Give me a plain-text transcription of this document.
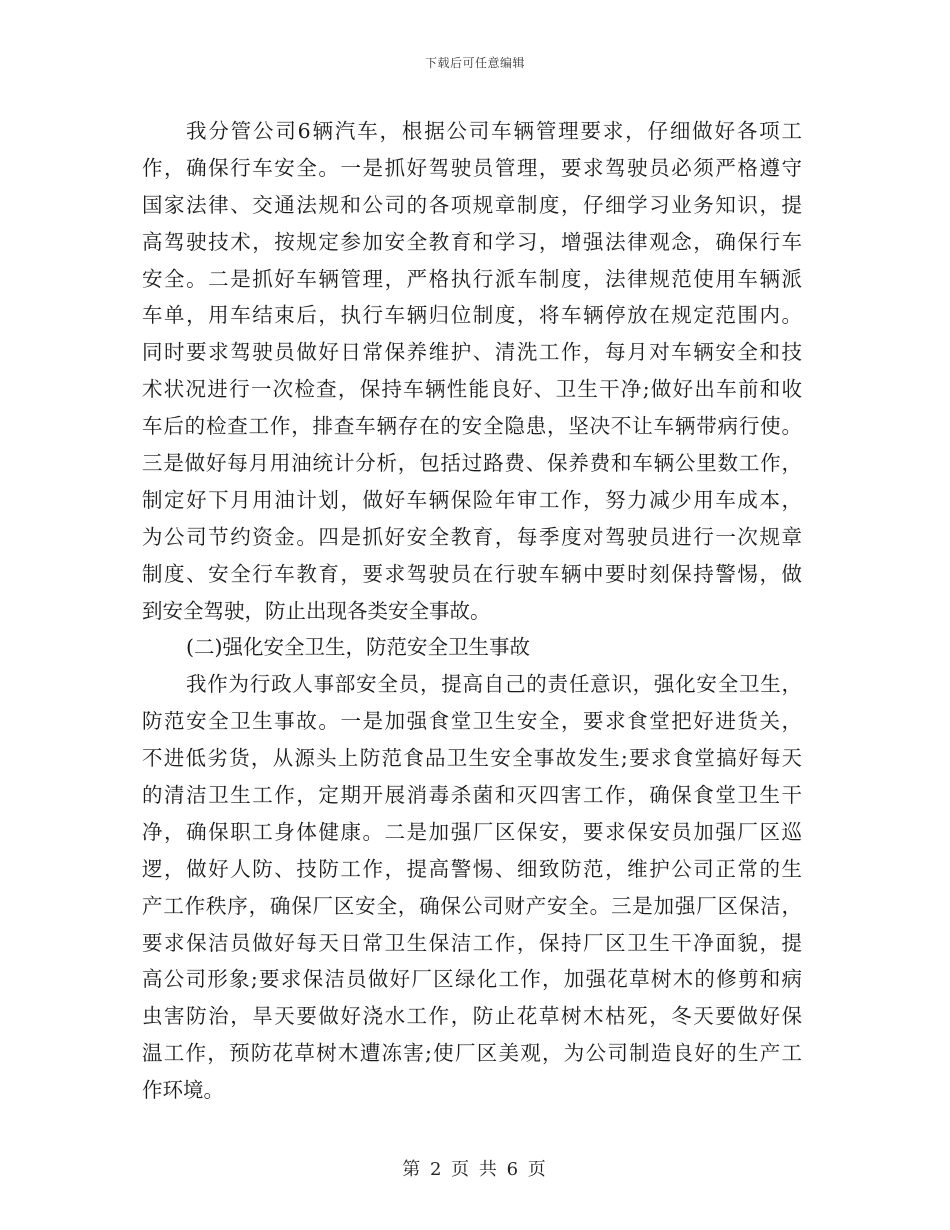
下载后可任意编辑
我分管公司6辆汽车，根据公司车辆管理要求，仔细做好各项工
作，确保行车安全。一是抓好驾驶员管理，要求驾驶员必须严格遵守
国家法律、交通法规和公司的各项规章制度，仔细学习业务知识，提
高驾驶技术，按规定参加安全教育和学习，增强法律观念，确保行车
安全。二是抓好车辆管理，严格执行派车制度，法律规范使用车辆派
车单，用车结束后，执行车辆归位制度，将车辆停放在规定范围内。
同时要求驾驶员做好日常保养维护、清洗工作，每月对车辆安全和技
术状况进行一次检查，保持车辆性能良好、卫生干净;做好出车前和收
车后的检查工作，排查车辆存在的安全隐患，坚决不让车辆带病行使。
三是做好每月用油统计分析，包括过路费、保养费和车辆公里数工作，
制定好下月用油计划，做好车辆保险年审工作，努力减少用车成本，
为公司节约资金。四是抓好安全教育，每季度对驾驶员进行一次规章
制度、安全行车教育，要求驾驶员在行驶车辆中要时刻保持警惕，做
到安全驾驶，防止出现各类安全事故。
(二)强化安全卫生，防范安全卫生事故
我作为行政人事部安全员，提高自己的责任意识，强化安全卫生，
防范安全卫生事故。一是加强食堂卫生安全，要求食堂把好进货关，
不进低劣货，从源头上防范食品卫生安全事故发生;要求食堂搞好每天
的清洁卫生工作，定期开展消毒杀菌和灭四害工作，确保食堂卫生干
净，确保职工身体健康。二是加强厂区保安，要求保安员加强厂区巡
逻，做好人防、技防工作，提高警惕、细致防范，维护公司正常的生
产工作秩序，确保厂区安全，确保公司财产安全。三是加强厂区保洁，
要求保洁员做好每天日常卫生保洁工作，保持厂区卫生干净面貌，提
高公司形象;要求保洁员做好厂区绿化工作，加强花草树木的修剪和病
虫害防治，旱天要做好浇水工作，防止花草树木枯死，冬天要做好保
温工作，预防花草树木遭冻害;使厂区美观，为公司制造良好的生产工
作环境。
第 2 页 共 6 页
